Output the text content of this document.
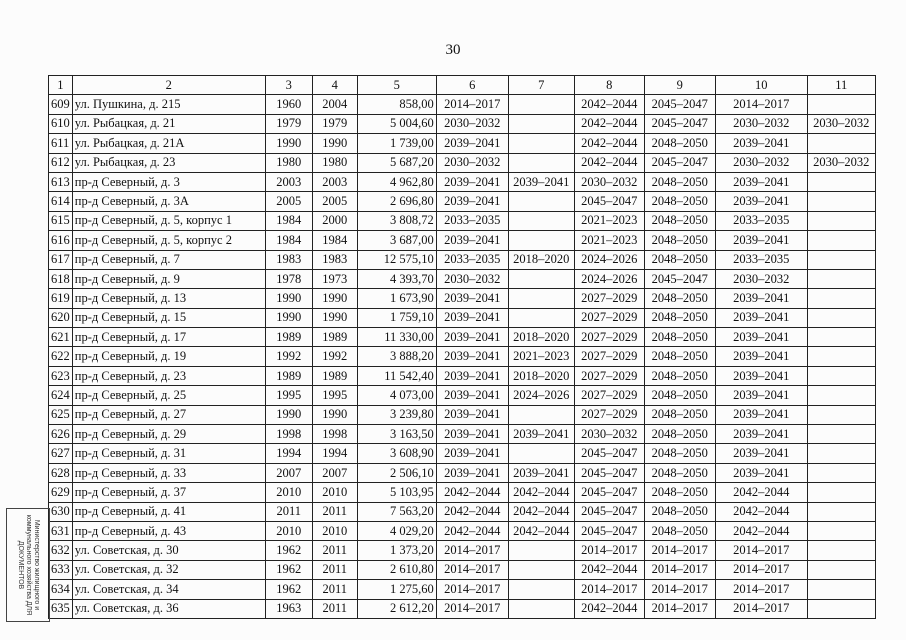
30
1	2	3	4	5	6	7	8	9	10	11
609	ул. Пушкина, д. 215	1960	2004	858,00	2014–2017		2042–2044	2045–2047	2014–2017	
610	ул. Рыбацкая, д. 21	1979	1979	5 004,60	2030–2032		2042–2044	2045–2047	2030–2032	2030–2032
611	ул. Рыбацкая, д. 21А	1990	1990	1 739,00	2039–2041		2042–2044	2048–2050	2039–2041	
612	ул. Рыбацкая, д. 23	1980	1980	5 687,20	2030–2032		2042–2044	2045–2047	2030–2032	2030–2032
613	пр-д Северный, д. 3	2003	2003	4 962,80	2039–2041	2039–2041	2030–2032	2048–2050	2039–2041	
614	пр-д Северный, д. 3А	2005	2005	2 696,80	2039–2041		2045–2047	2048–2050	2039–2041	
615	пр-д Северный, д. 5, корпус 1	1984	2000	3 808,72	2033–2035		2021–2023	2048–2050	2033–2035	
616	пр-д Северный, д. 5, корпус 2	1984	1984	3 687,00	2039–2041		2021–2023	2048–2050	2039–2041	
617	пр-д Северный, д. 7	1983	1983	12 575,10	2033–2035	2018–2020	2024–2026	2048–2050	2033–2035	
618	пр-д Северный, д. 9	1978	1973	4 393,70	2030–2032		2024–2026	2045–2047	2030–2032	
619	пр-д Северный, д. 13	1990	1990	1 673,90	2039–2041		2027–2029	2048–2050	2039–2041	
620	пр-д Северный, д. 15	1990	1990	1 759,10	2039–2041		2027–2029	2048–2050	2039–2041	
621	пр-д Северный, д. 17	1989	1989	11 330,00	2039–2041	2018–2020	2027–2029	2048–2050	2039–2041	
622	пр-д Северный, д. 19	1992	1992	3 888,20	2039–2041	2021–2023	2027–2029	2048–2050	2039–2041	
623	пр-д Северный, д. 23	1989	1989	11 542,40	2039–2041	2018–2020	2027–2029	2048–2050	2039–2041	
624	пр-д Северный, д. 25	1995	1995	4 073,00	2039–2041	2024–2026	2027–2029	2048–2050	2039–2041	
625	пр-д Северный, д. 27	1990	1990	3 239,80	2039–2041		2027–2029	2048–2050	2039–2041	
626	пр-д Северный, д. 29	1998	1998	3 163,50	2039–2041	2039–2041	2030–2032	2048–2050	2039–2041	
627	пр-д Северный, д. 31	1994	1994	3 608,90	2039–2041		2045–2047	2048–2050	2039–2041	
628	пр-д Северный, д. 33	2007	2007	2 506,10	2039–2041	2039–2041	2045–2047	2048–2050	2039–2041	
629	пр-д Северный, д. 37	2010	2010	5 103,95	2042–2044	2042–2044	2045–2047	2048–2050	2042–2044	
630	пр-д Северный, д. 41	2011	2011	7 563,20	2042–2044	2042–2044	2045–2047	2048–2050	2042–2044	
631	пр-д Северный, д. 43	2010	2010	4 029,20	2042–2044	2042–2044	2045–2047	2048–2050	2042–2044	
632	ул. Советская, д. 30	1962	2011	1 373,20	2014–2017		2014–2017	2014–2017	2014–2017	
633	ул. Советская, д. 32	1962	2011	2 610,80	2014–2017		2042–2044	2014–2017	2014–2017	
634	ул. Советская, д. 34	1962	2011	1 275,60	2014–2017		2014–2017	2014–2017	2014–2017	
635	ул. Советская, д. 36	1963	2011	2 612,20	2014–2017		2042–2044	2014–2017	2014–2017	
Министерство жилищного и коммунального хозяйства ДЛЯ ДОКУМЕНТОВ
